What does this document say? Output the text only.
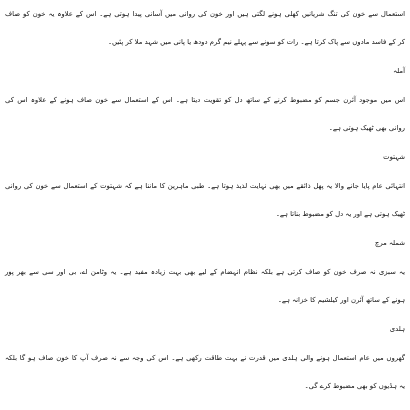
استعمال سے خون کی تنگ شریانیں کھلی ہونے لگتی ہیں اور خون کی روانی میں آسانی پیدا ہوتی ہے۔ اس کے علاوہ یہ خون کو صاف
کر کے فاسد مادوں سے پاک کرتا ہے۔ رات کو سونے سے پہلے نیم گرم دودھ یا پانی میں شہد ملا کر پئیں۔
آملہ
اس میں موجود آئرن جسم کو مضبوط کرنے کے ساتھ دل کو تقویت دیتا ہے۔ اس کے استعمال سے خون صاف ہونے کے علاوہ اس کی
روانی بھی ٹھیک ہوتی ہے۔
شہتوت
انتہائی عام پایا جانے والا یہ پھل ذائقے میں بھی نہایت لذیذ ہوتا ہے۔ طبی ماہرین کا ماننا ہے کہ شہتوت کے استعمال سے خون کی روانی
ٹھیک ہوتی ہے اور یہ دل کو مضبوط بناتا ہے۔
شملہ مرچ
یہ سبزی نہ صرف خون کو صاف کرتی ہے بلکہ نظام انہضام کے لیے بھی بہت زیادہ مفید ہے۔ یہ وٹامن اے، بی اور سی سے بھر پور
ہونے کے ساتھ آئرن اور کیلشیم کا خزانہ ہے۔
ہلدی
گھروں میں عام استعمال ہونے والی ہلدی میں قدرت نے بہت طاقت رکھی ہے۔ اس کی وجہ سے نہ صرف آپ کا خون صاف ہو گا بلکہ
یہ ہڈیوں کو بھی مضبوط کرے گی۔
